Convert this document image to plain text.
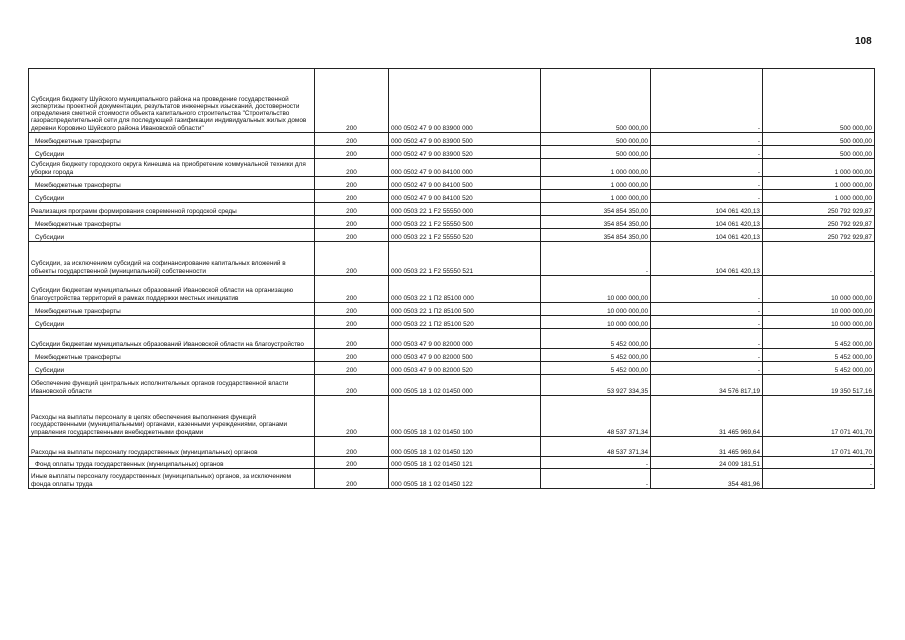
108
Субсидия бюджету Шуйского муниципального района на проведение государственной экспертизы проектной документации, результатов инженерных изысканий, достоверности определения сметной стоимости объекта капитального строительства "Строительство газораспределительной сети для последующей газификации индивидуальных жилых домов деревни Коровино Шуйского района Ивановской области"	200	000 0502 47 9 00 83900 000	500 000,00	-	500 000,00
Межбюджетные трансферты	200	000 0502 47 9 00 83900 500	500 000,00	-	500 000,00
Субсидии	200	000 0502 47 9 00 83900 520	500 000,00	-	500 000,00
Субсидия бюджету городского округа Кинешма на приобретение коммунальной техники для уборки города	200	000 0502 47 9 00 84100 000	1 000 000,00	-	1 000 000,00
Межбюджетные трансферты	200	000 0502 47 9 00 84100 500	1 000 000,00	-	1 000 000,00
Субсидии	200	000 0502 47 9 00 84100 520	1 000 000,00	-	1 000 000,00
Реализация программ формирования современной городской среды	200	000 0503 22 1 F2 55550 000	354 854 350,00	104 061 420,13	250 792 929,87
Межбюджетные трансферты	200	000 0503 22 1 F2 55550 500	354 854 350,00	104 061 420,13	250 792 929,87
Субсидии	200	000 0503 22 1 F2 55550 520	354 854 350,00	104 061 420,13	250 792 929,87
Субсидии, за исключением субсидий на софинансирование капитальных вложений в объекты государственной (муниципальной) собственности	200	000 0503 22 1 F2 55550 521	-	104 061 420,13	-
Субсидии бюджетам муниципальных образований Ивановской области на организацию благоустройства территорий в рамках поддержки местных инициатив	200	000 0503 22 1 П2 85100 000	10 000 000,00	-	10 000 000,00
Межбюджетные трансферты	200	000 0503 22 1 П2 85100 500	10 000 000,00	-	10 000 000,00
Субсидии	200	000 0503 22 1 П2 85100 520	10 000 000,00	-	10 000 000,00
Субсидии бюджетам муниципальных образований Ивановской области на благоустройство	200	000 0503 47 9 00 82000 000	5 452 000,00	-	5 452 000,00
Межбюджетные трансферты	200	000 0503 47 9 00 82000 500	5 452 000,00	-	5 452 000,00
Субсидии	200	000 0503 47 9 00 82000 520	5 452 000,00	-	5 452 000,00
Обеспечение функций центральных исполнительных органов государственной власти Ивановской области	200	000 0505 18 1 02 01450 000	53 927 334,35	34 576 817,19	19 350 517,16
Расходы на выплаты персоналу в целях обеспечения выполнения функций государственными (муниципальными) органами, казенными учреждениями, органами управления государственными внебюджетными фондами	200	000 0505 18 1 02 01450 100	48 537 371,34	31 465 969,64	17 071 401,70
Расходы на выплаты персоналу государственных (муниципальных) органов	200	000 0505 18 1 02 01450 120	48 537 371,34	31 465 969,64	17 071 401,70
Фонд оплаты труда государственных (муниципальных) органов	200	000 0505 18 1 02 01450 121	-	24 009 181,51	-
Иные выплаты персоналу государственных (муниципальных) органов, за исключением фонда оплаты труда	200	000 0505 18 1 02 01450 122	-	354 481,96	-
